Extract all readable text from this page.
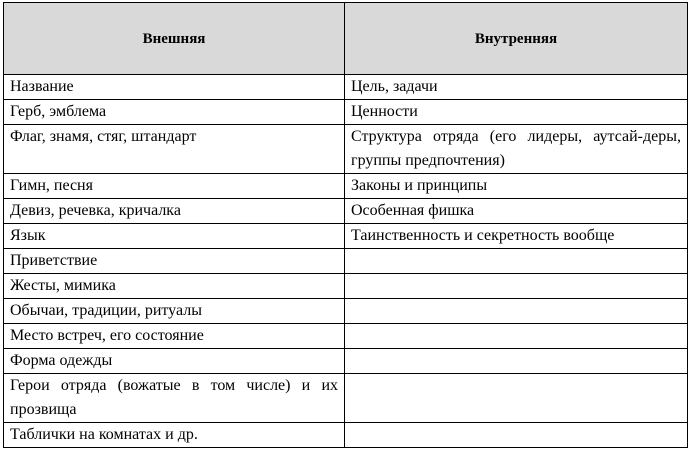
Внешняя	Внутренняя
Название	Цель, задачи
Герб, эмблема	Ценности
Флаг, знамя, стяг, штандарт	Структура отряда (его лидеры, аутсай-деры, группы предпочтения)
Гимн, песня	Законы и принципы
Девиз, речевка, кричалка	Особенная фишка
Язык	Таинственность и секретность вообще
Приветствие	
Жесты, мимика	
Обычаи, традиции, ритуалы	
Место встреч, его состояние	
Форма одежды	
Герои отряда (вожатые в том числе) и их прозвища	
Таблички на комнатах и др.	
